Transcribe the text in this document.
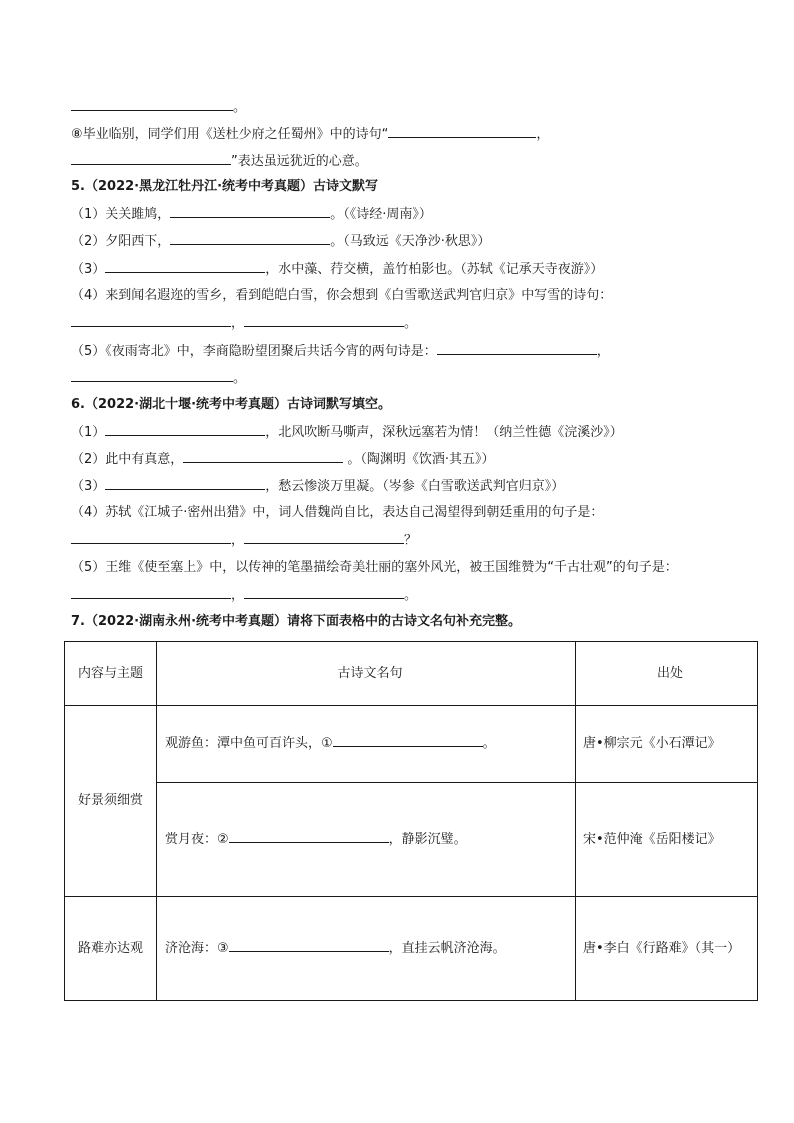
。
⑧毕业临别，同学们用《送杜少府之任蜀州》中的诗句“	，
”表达虽远犹近的心意。
5.（2022·黑龙江牡丹江·统考中考真题）古诗文默写
（1）关关雎鸠，	。（《诗经·周南》）
（2）夕阳西下，	。（马致远《天净沙·秋思》）
（3）	，水中藻、荇交横，盖竹柏影也。（苏轼《记承天寺夜游》）
（4）来到闻名遐迩的雪乡，看到皑皑白雪，你会想到《白雪歌送武判官归京》中写雪的诗句：
，	。
（5）《夜雨寄北》中，李商隐盼望团聚后共话今宵的两句诗是：	，
。
6.（2022·湖北十堰·统考中考真题）古诗词默写填空。
（1）	，北风吹断马嘶声，深秋远塞若为情！（纳兰性德《浣溪沙》）
（2）此中有真意，	。（陶渊明《饮酒·其五》）
（3）	，愁云惨淡万里凝。（岑参《白雪歌送武判官归京》）
（4）苏轼《江城子·密州出猎》中，词人借魏尚自比，表达自己渴望得到朝廷重用的句子是：
，	？
（5）王维《使至塞上》中，以传神的笔墨描绘奇美壮丽的塞外风光，被王国维赞为“千古壮观”的句子是：
，	。
7.（2022·湖南永州·统考中考真题）请将下面表格中的古诗文名句补充完整。
内容与主题	古诗文名句	出处
好景须细赏	观游鱼：潭中鱼可百许头，① 。	唐•柳宗元《小石潭记》
	赏月夜：② ，静影沉璧。	宋•范仲淹《岳阳楼记》
路难亦达观	济沧海：③ ，直挂云帆济沧海。	唐•李白《行路难》（其一）
